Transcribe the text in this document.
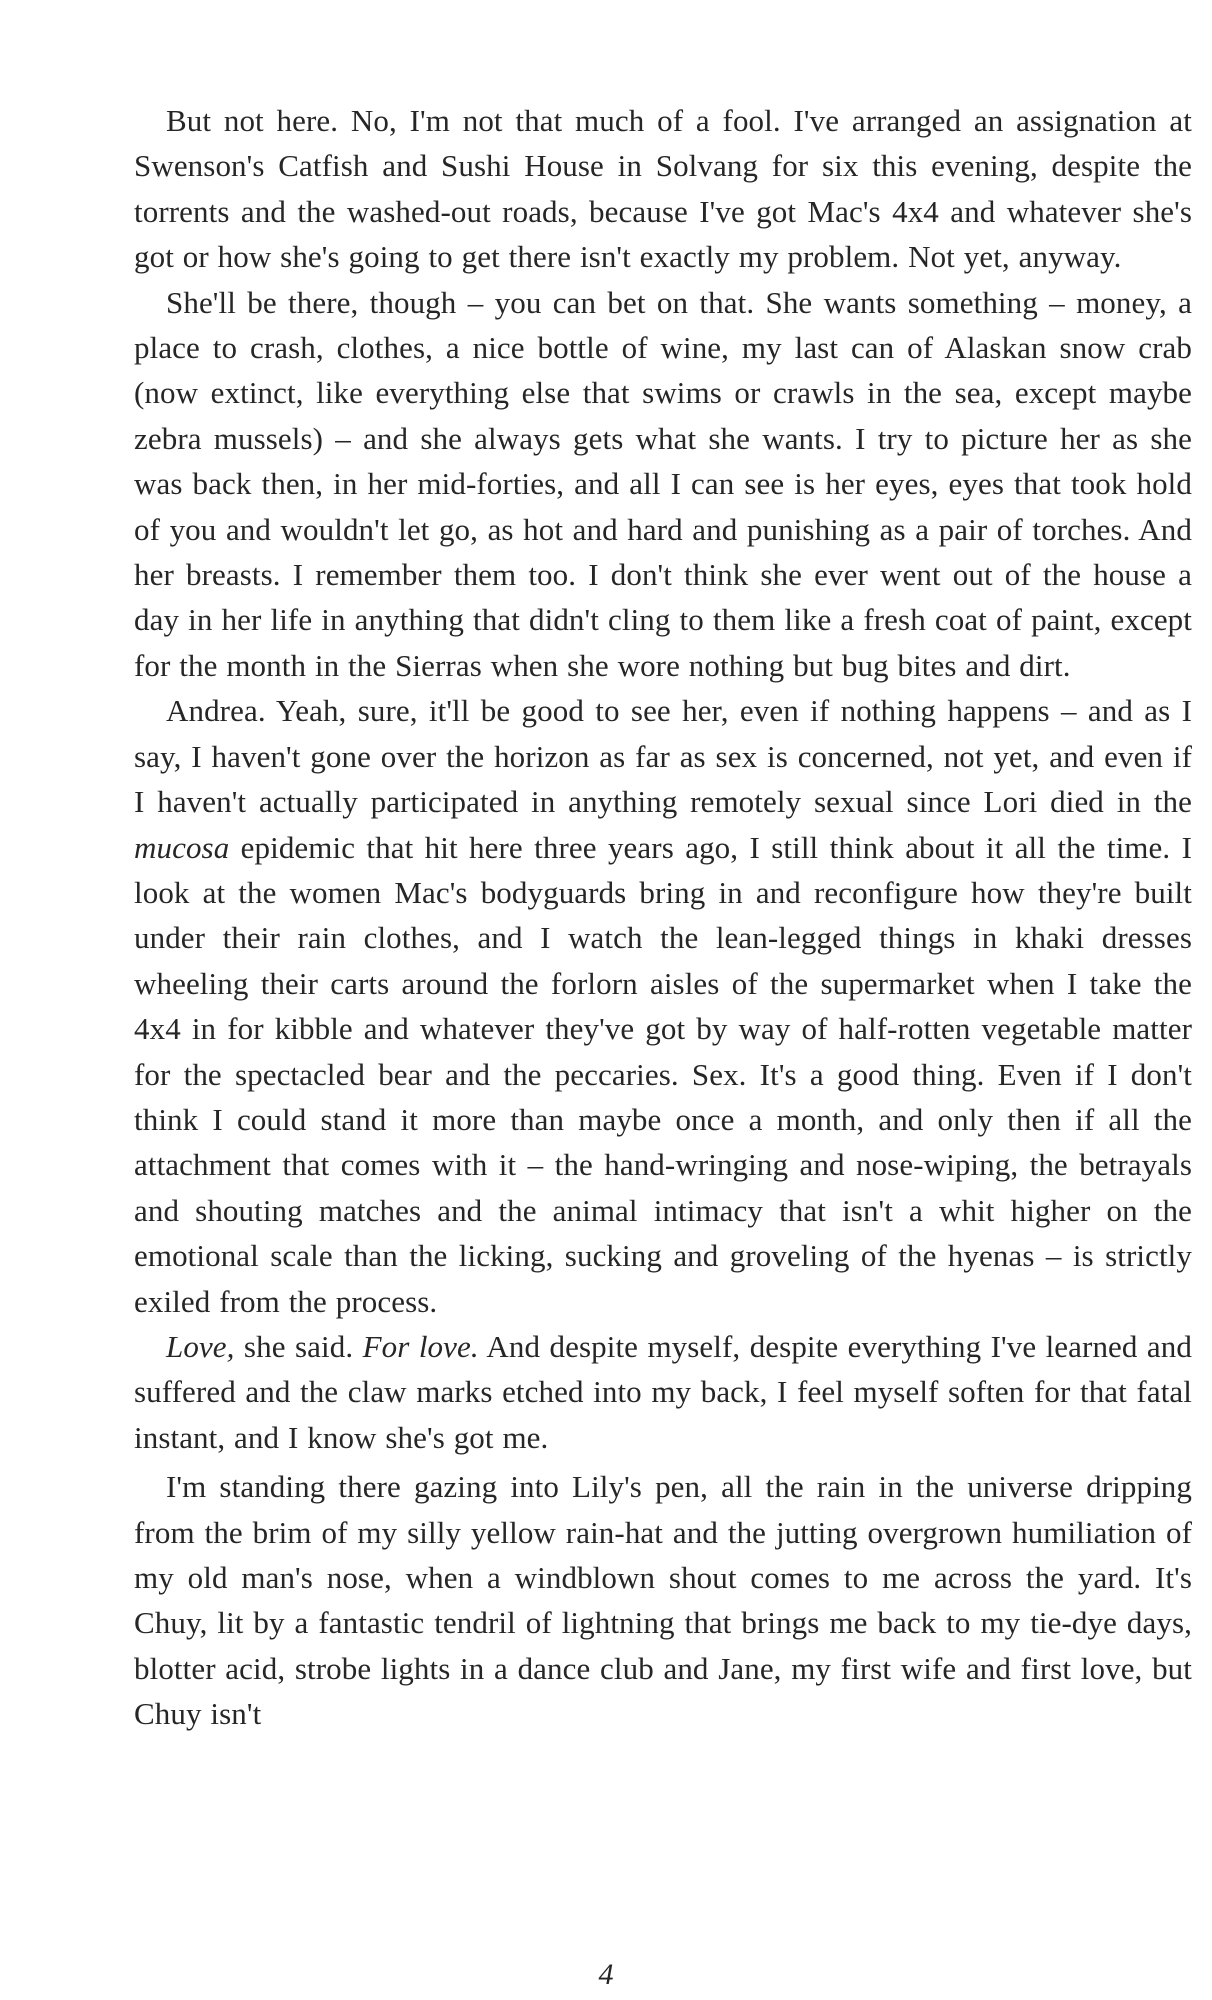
But not here. No, I'm not that much of a fool. I've arranged an assignation at Swenson's Catfish and Sushi House in Solvang for six this evening, despite the torrents and the washed-out roads, because I've got Mac's 4x4 and whatever she's got or how she's going to get there isn't exactly my problem. Not yet, anyway.

She'll be there, though – you can bet on that. She wants something – money, a place to crash, clothes, a nice bottle of wine, my last can of Alaskan snow crab (now extinct, like everything else that swims or crawls in the sea, except maybe zebra mussels) – and she always gets what she wants. I try to picture her as she was back then, in her mid-forties, and all I can see is her eyes, eyes that took hold of you and wouldn't let go, as hot and hard and punishing as a pair of torches. And her breasts. I remember them too. I don't think she ever went out of the house a day in her life in anything that didn't cling to them like a fresh coat of paint, except for the month in the Sierras when she wore nothing but bug bites and dirt.

Andrea. Yeah, sure, it'll be good to see her, even if nothing happens – and as I say, I haven't gone over the horizon as far as sex is concerned, not yet, and even if I haven't actually participated in anything remotely sexual since Lori died in the mucosa epidemic that hit here three years ago, I still think about it all the time. I look at the women Mac's bodyguards bring in and reconfigure how they're built under their rain clothes, and I watch the lean-legged things in khaki dresses wheeling their carts around the forlorn aisles of the supermarket when I take the 4x4 in for kibble and whatever they've got by way of half-rotten vegetable matter for the spectacled bear and the peccaries. Sex. It's a good thing. Even if I don't think I could stand it more than maybe once a month, and only then if all the attachment that comes with it – the hand-wringing and nose-wiping, the betrayals and shouting matches and the animal intimacy that isn't a whit higher on the emotional scale than the licking, sucking and groveling of the hyenas – is strictly exiled from the process.

Love, she said. For love. And despite myself, despite everything I've learned and suffered and the claw marks etched into my back, I feel myself soften for that fatal instant, and I know she's got me.

I'm standing there gazing into Lily's pen, all the rain in the universe dripping from the brim of my silly yellow rain-hat and the jutting overgrown humiliation of my old man's nose, when a windblown shout comes to me across the yard. It's Chuy, lit by a fantastic tendril of lightning that brings me back to my tie-dye days, blotter acid, strobe lights in a dance club and Jane, my first wife and first love, but Chuy isn't

4
